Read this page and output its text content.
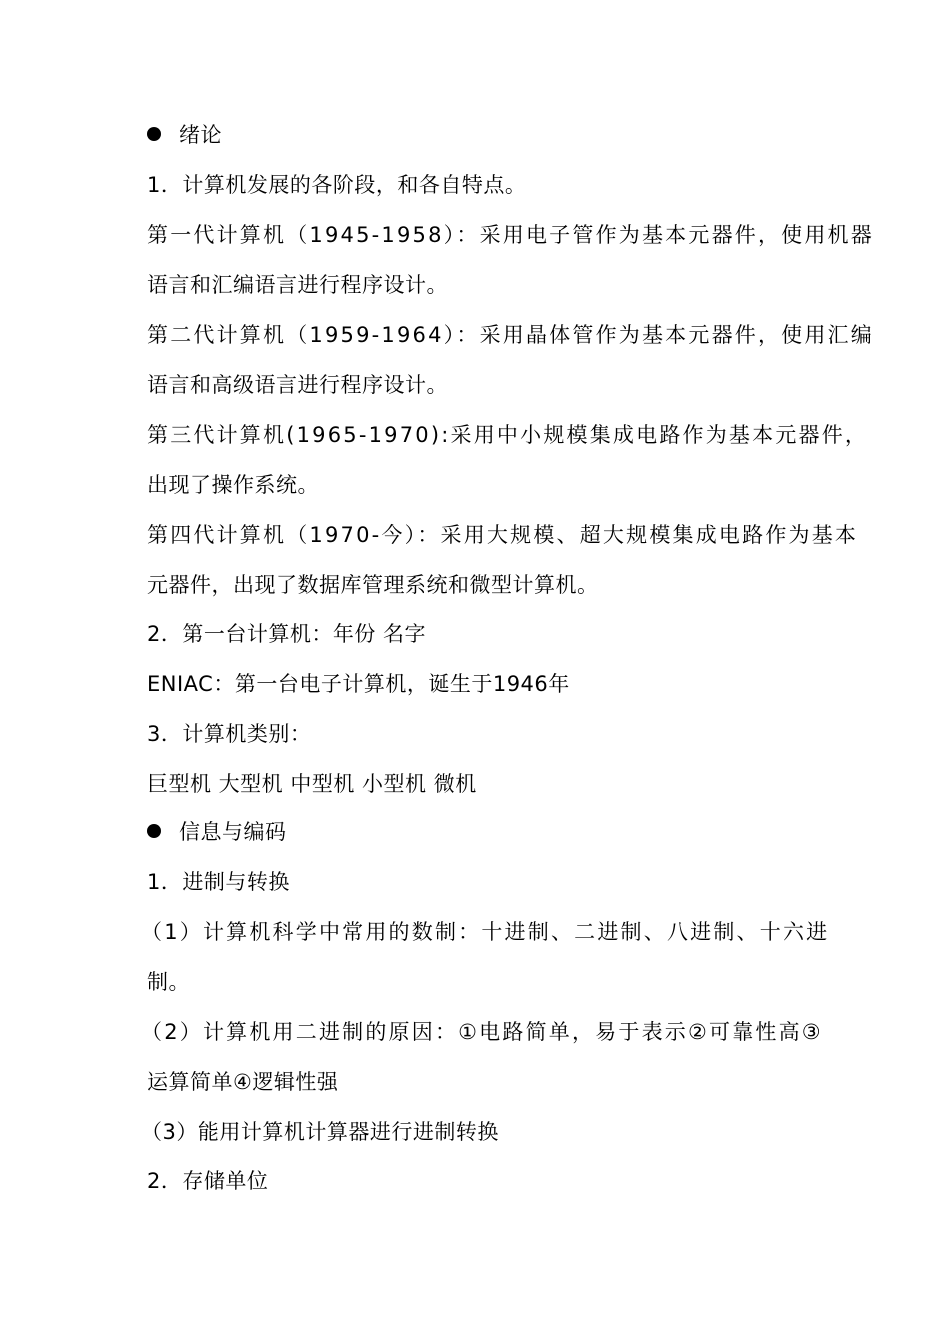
绪论
1．计算机发展的各阶段，和各自特点。
第一代计算机（1945-1958）：采用电子管作为基本元器件，使用机器
语言和汇编语言进行程序设计。
第二代计算机（1959-1964）：采用晶体管作为基本元器件，使用汇编
语言和高级语言进行程序设计。
第三代计算机(1965-1970):采用中小规模集成电路作为基本元器件，
出现了操作系统。
第四代计算机（1970-今）：采用大规模、超大规模集成电路作为基本
元器件，出现了数据库管理系统和微型计算机。
2．第一台计算机：年份 名字
ENIAC：第一台电子计算机，诞生于1946年
3．计算机类别：
巨型机 大型机 中型机 小型机 微机
信息与编码
1．进制与转换
（1）计算机科学中常用的数制：十进制、二进制、八进制、十六进
制。
（2）计算机用二进制的原因：①电路简单，易于表示②可靠性高③
运算简单④逻辑性强
（3）能用计算机计算器进行进制转换
2．存储单位
